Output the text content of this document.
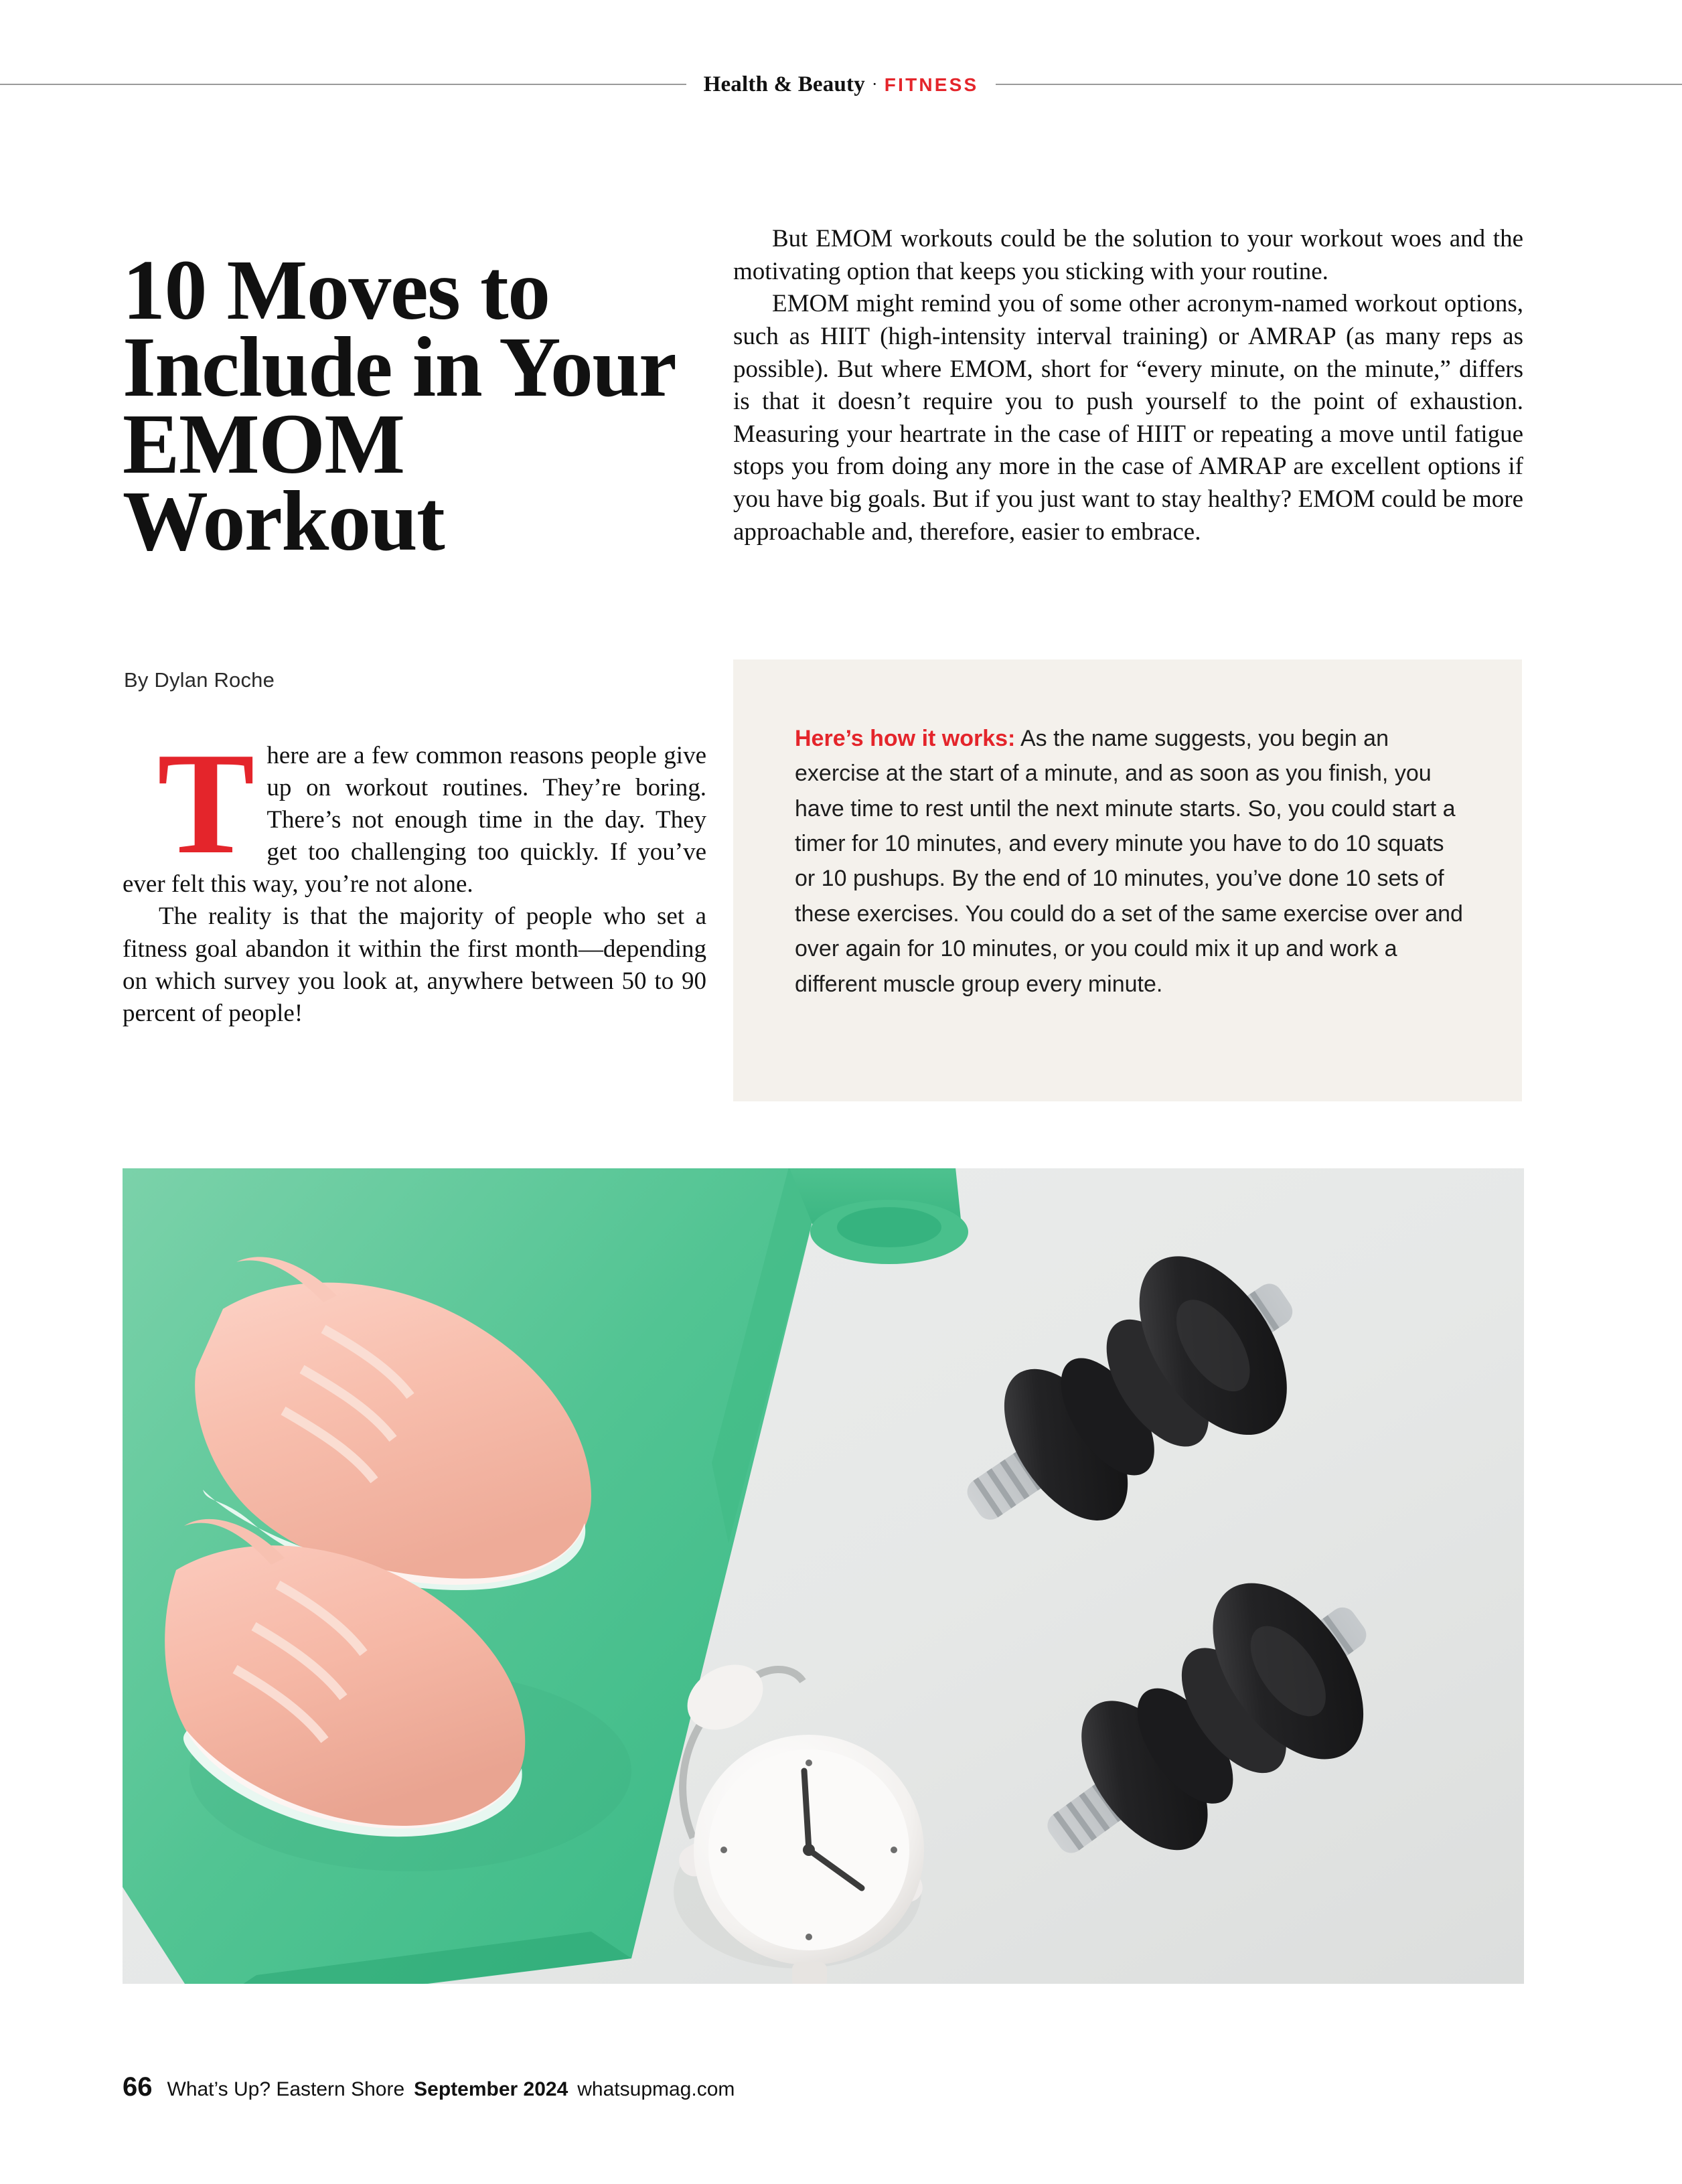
Health & Beauty · FITNESS
10 Moves to Include in Your EMOM Workout
By Dylan Roche

There are a few common reasons people give up on workout routines. They’re boring. There’s not enough time in the day. They get too challenging too quickly. If you’ve ever felt this way, you’re not alone.

The reality is that the majority of people who set a fitness goal abandon it within the first month—depending on which survey you look at, anywhere between 50 to 90 percent of people!

But EMOM workouts could be the solution to your workout woes and the motivating option that keeps you sticking with your routine.

EMOM might remind you of some other acronym-named workout options, such as HIIT (high-intensity interval training) or AMRAP (as many reps as possible). But where EMOM, short for “every minute, on the minute,” differs is that it doesn’t require you to push yourself to the point of exhaustion. Measuring your heartrate in the case of HIIT or repeating a move until fatigue stops you from doing any more in the case of AMRAP are excellent options if you have big goals. But if you just want to stay healthy? EMOM could be more approachable and, therefore, easier to embrace.

Here’s how it works: As the name suggests, you begin an exercise at the start of a minute, and as soon as you finish, you have time to rest until the next minute starts. So, you could start a timer for 10 minutes, and every minute you have to do 10 squats or 10 pushups. By the end of 10 minutes, you’ve done 10 sets of these exercises. You could do a set of the same exercise over and over again for 10 minutes, or you could mix it up and work a different muscle group every minute.
66 What’s Up? Eastern Shore September 2024 whatsupmag.com
